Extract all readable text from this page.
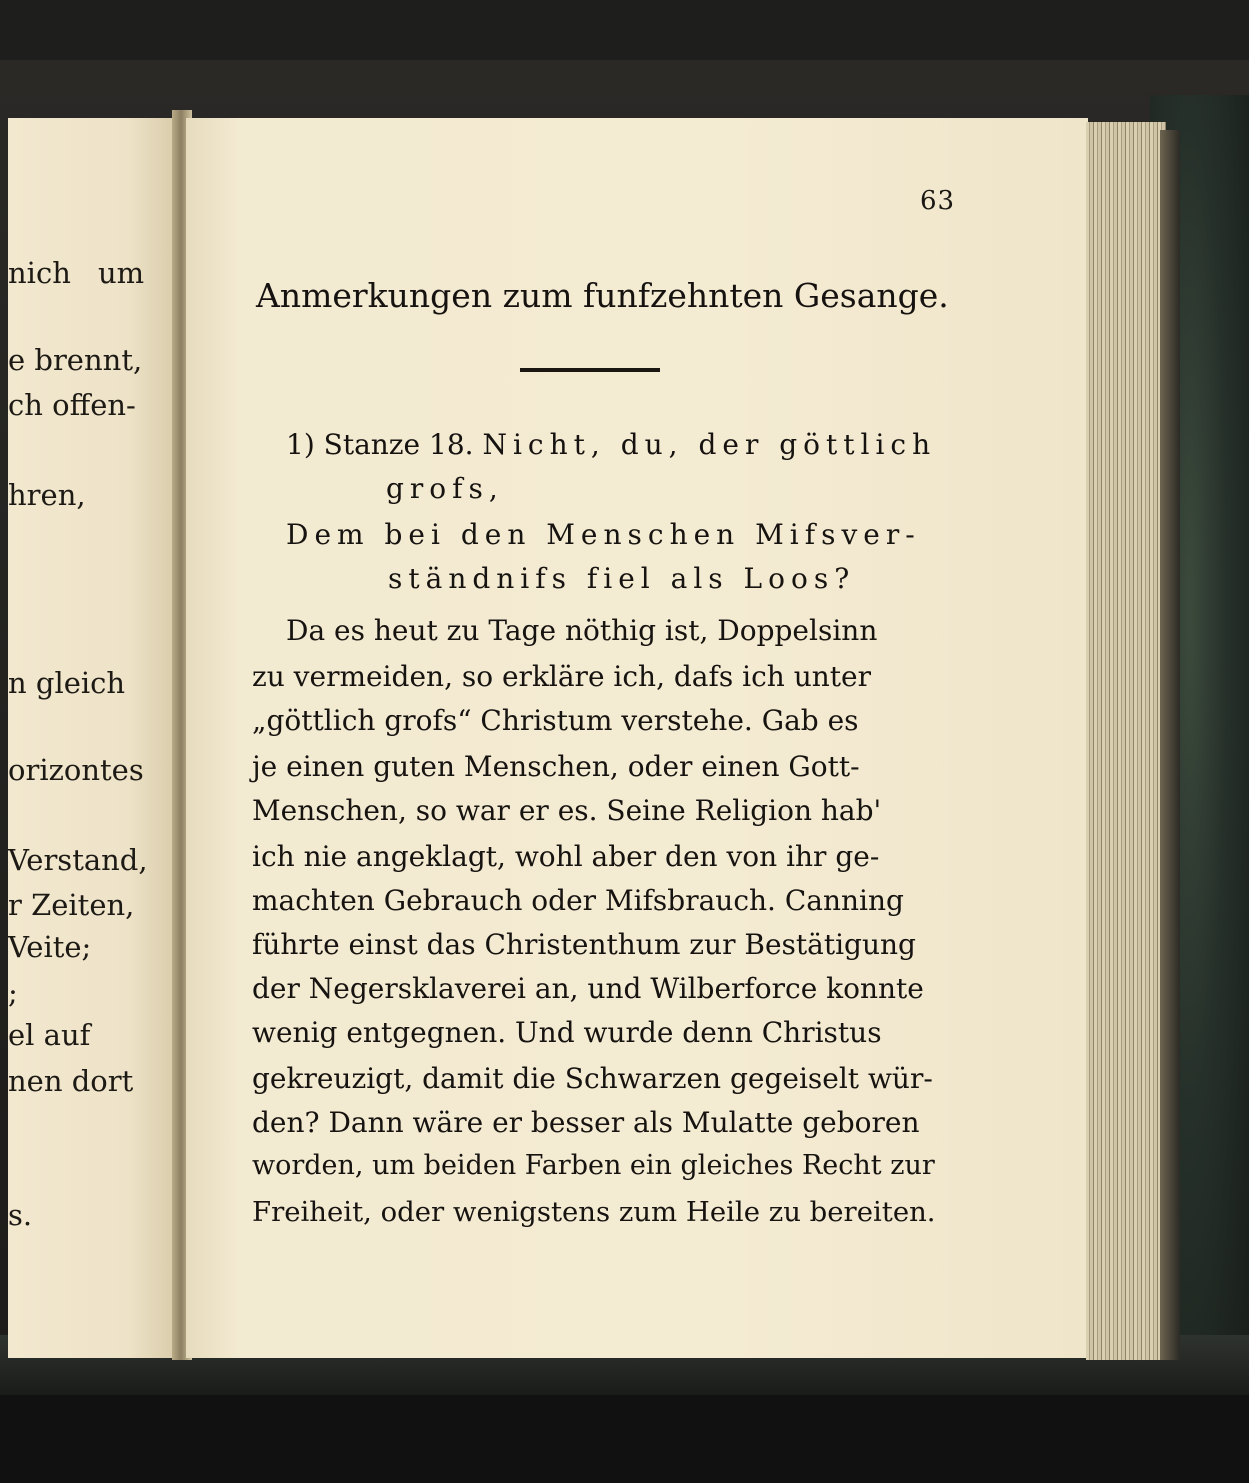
nich um
e brennt,
ch offen-
hren,
n gleich
orizontes
Verstand,
r Zeiten,
Veite;
;
el auf
nen dort
s.
63
Anmerkungen zum funfzehnten Gesange.
1) Stanze 18. Nicht, du, der göttlich
grofs,
Dem bei den Menschen Mifsver-
ständnifs fiel als Loos?
Da es heut zu Tage nöthig ist, Doppelsinn
zu vermeiden, so erkläre ich, dafs ich unter
„göttlich grofs“ Christum verstehe. Gab es
je einen guten Menschen, oder einen Gott-
Menschen, so war er es. Seine Religion hab'
ich nie angeklagt, wohl aber den von ihr ge-
machten Gebrauch oder Mifsbrauch. Canning
führte einst das Christenthum zur Bestätigung
der Negersklaverei an, und Wilberforce konnte
wenig entgegnen. Und wurde denn Christus
gekreuzigt, damit die Schwarzen gegeiselt wür-
den? Dann wäre er besser als Mulatte geboren
worden, um beiden Farben ein gleiches Recht zur
Freiheit, oder wenigstens zum Heile zu bereiten.
